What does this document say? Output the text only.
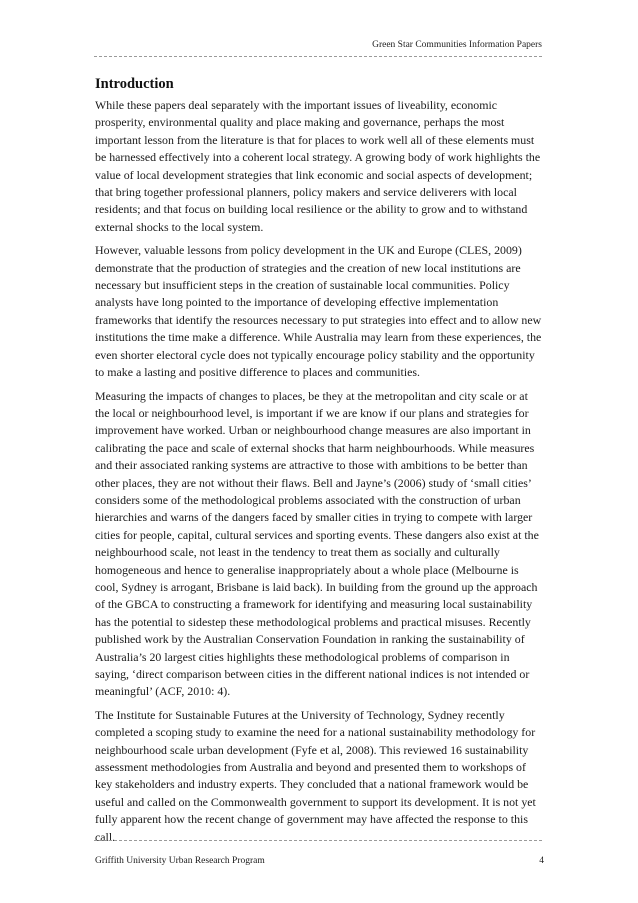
Green Star Communities Information Papers
Introduction

While these papers deal separately with the important issues of liveability, economic prosperity, environmental quality and place making and governance, perhaps the most important lesson from the literature is that for places to work well all of these elements must be harnessed effectively into a coherent local strategy. A growing body of work highlights the value of local development strategies that link economic and social aspects of development; that bring together professional planners, policy makers and service deliverers with local residents; and that focus on building local resilience or the ability to grow and to withstand external shocks to the local system.

However, valuable lessons from policy development in the UK and Europe (CLES, 2009) demonstrate that the production of strategies and the creation of new local institutions are necessary but insufficient steps in the creation of sustainable local communities. Policy analysts have long pointed to the importance of developing effective implementation frameworks that identify the resources necessary to put strategies into effect and to allow new institutions the time make a difference. While Australia may learn from these experiences, the even shorter electoral cycle does not typically encourage policy stability and the opportunity to make a lasting and positive difference to places and communities.

Measuring the impacts of changes to places, be they at the metropolitan and city scale or at the local or neighbourhood level, is important if we are know if our plans and strategies for improvement have worked. Urban or neighbourhood change measures are also important in calibrating the pace and scale of external shocks that harm neighbourhoods. While measures and their associated ranking systems are attractive to those with ambitions to be better than other places, they are not without their flaws. Bell and Jayne’s (2006) study of ‘small cities’ considers some of the methodological problems associated with the construction of urban hierarchies and warns of the dangers faced by smaller cities in trying to compete with larger cities for people, capital, cultural services and sporting events. These dangers also exist at the neighbourhood scale, not least in the tendency to treat them as socially and culturally homogeneous and hence to generalise inappropriately about a whole place (Melbourne is cool, Sydney is arrogant, Brisbane is laid back). In building from the ground up the approach of the GBCA to constructing a framework for identifying and measuring local sustainability has the potential to sidestep these methodological problems and practical misuses. Recently published work by the Australian Conservation Foundation in ranking the sustainability of Australia’s 20 largest cities highlights these methodological problems of comparison in saying, ‘direct comparison between cities in the different national indices is not intended or meaningful’ (ACF, 2010: 4).

The Institute for Sustainable Futures at the University of Technology, Sydney recently completed a scoping study to examine the need for a national sustainability methodology for neighbourhood scale urban development (Fyfe et al, 2008). This reviewed 16 sustainability assessment methodologies from Australia and beyond and presented them to workshops of key stakeholders and industry experts. They concluded that a national framework would be useful and called on the Commonwealth government to support its development. It is not yet fully apparent how the recent change of government may have affected the response to this call.

Griffith University Urban Research Program	4
